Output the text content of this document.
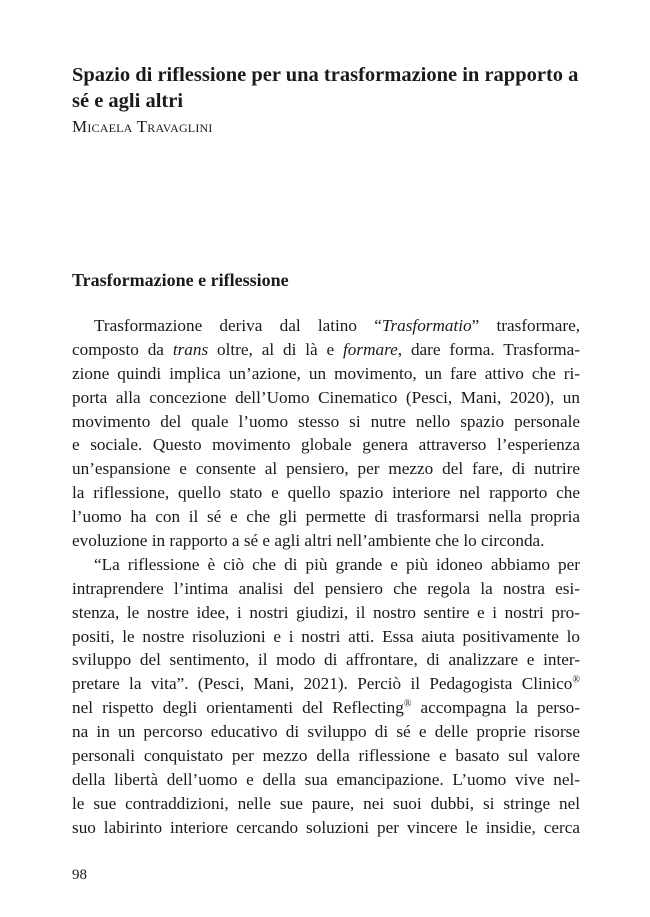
Spazio di riflessione per una trasformazione in rapporto a sé e agli altri

Micaela Travaglini

Trasformazione e riflessione
Trasformazione deriva dal latino “Trasformatio” trasformare,
composto da trans oltre, al di là e formare, dare forma. Trasforma-
zione quindi implica un’azione, un movimento, un fare attivo che ri-
porta alla concezione dell’Uomo Cinematico (Pesci, Mani, 2020), un
movimento del quale l’uomo stesso si nutre nello spazio personale
e sociale. Questo movimento globale genera attraverso l’esperienza
un’espansione e consente al pensiero, per mezzo del fare, di nutrire
la riflessione, quello stato e quello spazio interiore nel rapporto che
l’uomo ha con il sé e che gli permette di trasformarsi nella propria
evoluzione in rapporto a sé e agli altri nell’ambiente che lo circonda.
“La riflessione è ciò che di più grande e più idoneo abbiamo per
intraprendere l’intima analisi del pensiero che regola la nostra esi-
stenza, le nostre idee, i nostri giudizi, il nostro sentire e i nostri pro-
positi, le nostre risoluzioni e i nostri atti. Essa aiuta positivamente lo
sviluppo del sentimento, il modo di affrontare, di analizzare e inter-
pretare la vita”. (Pesci, Mani, 2021). Perciò il Pedagogista Clinico®
nel rispetto degli orientamenti del Reflecting® accompagna la perso-
na in un percorso educativo di sviluppo di sé e delle proprie risorse
personali conquistato per mezzo della riflessione e basato sul valore
della libertà dell’uomo e della sua emancipazione. L’uomo vive nel-
le sue contraddizioni, nelle sue paure, nei suoi dubbi, si stringe nel
suo labirinto interiore cercando soluzioni per vincere le insidie, cerca

98
